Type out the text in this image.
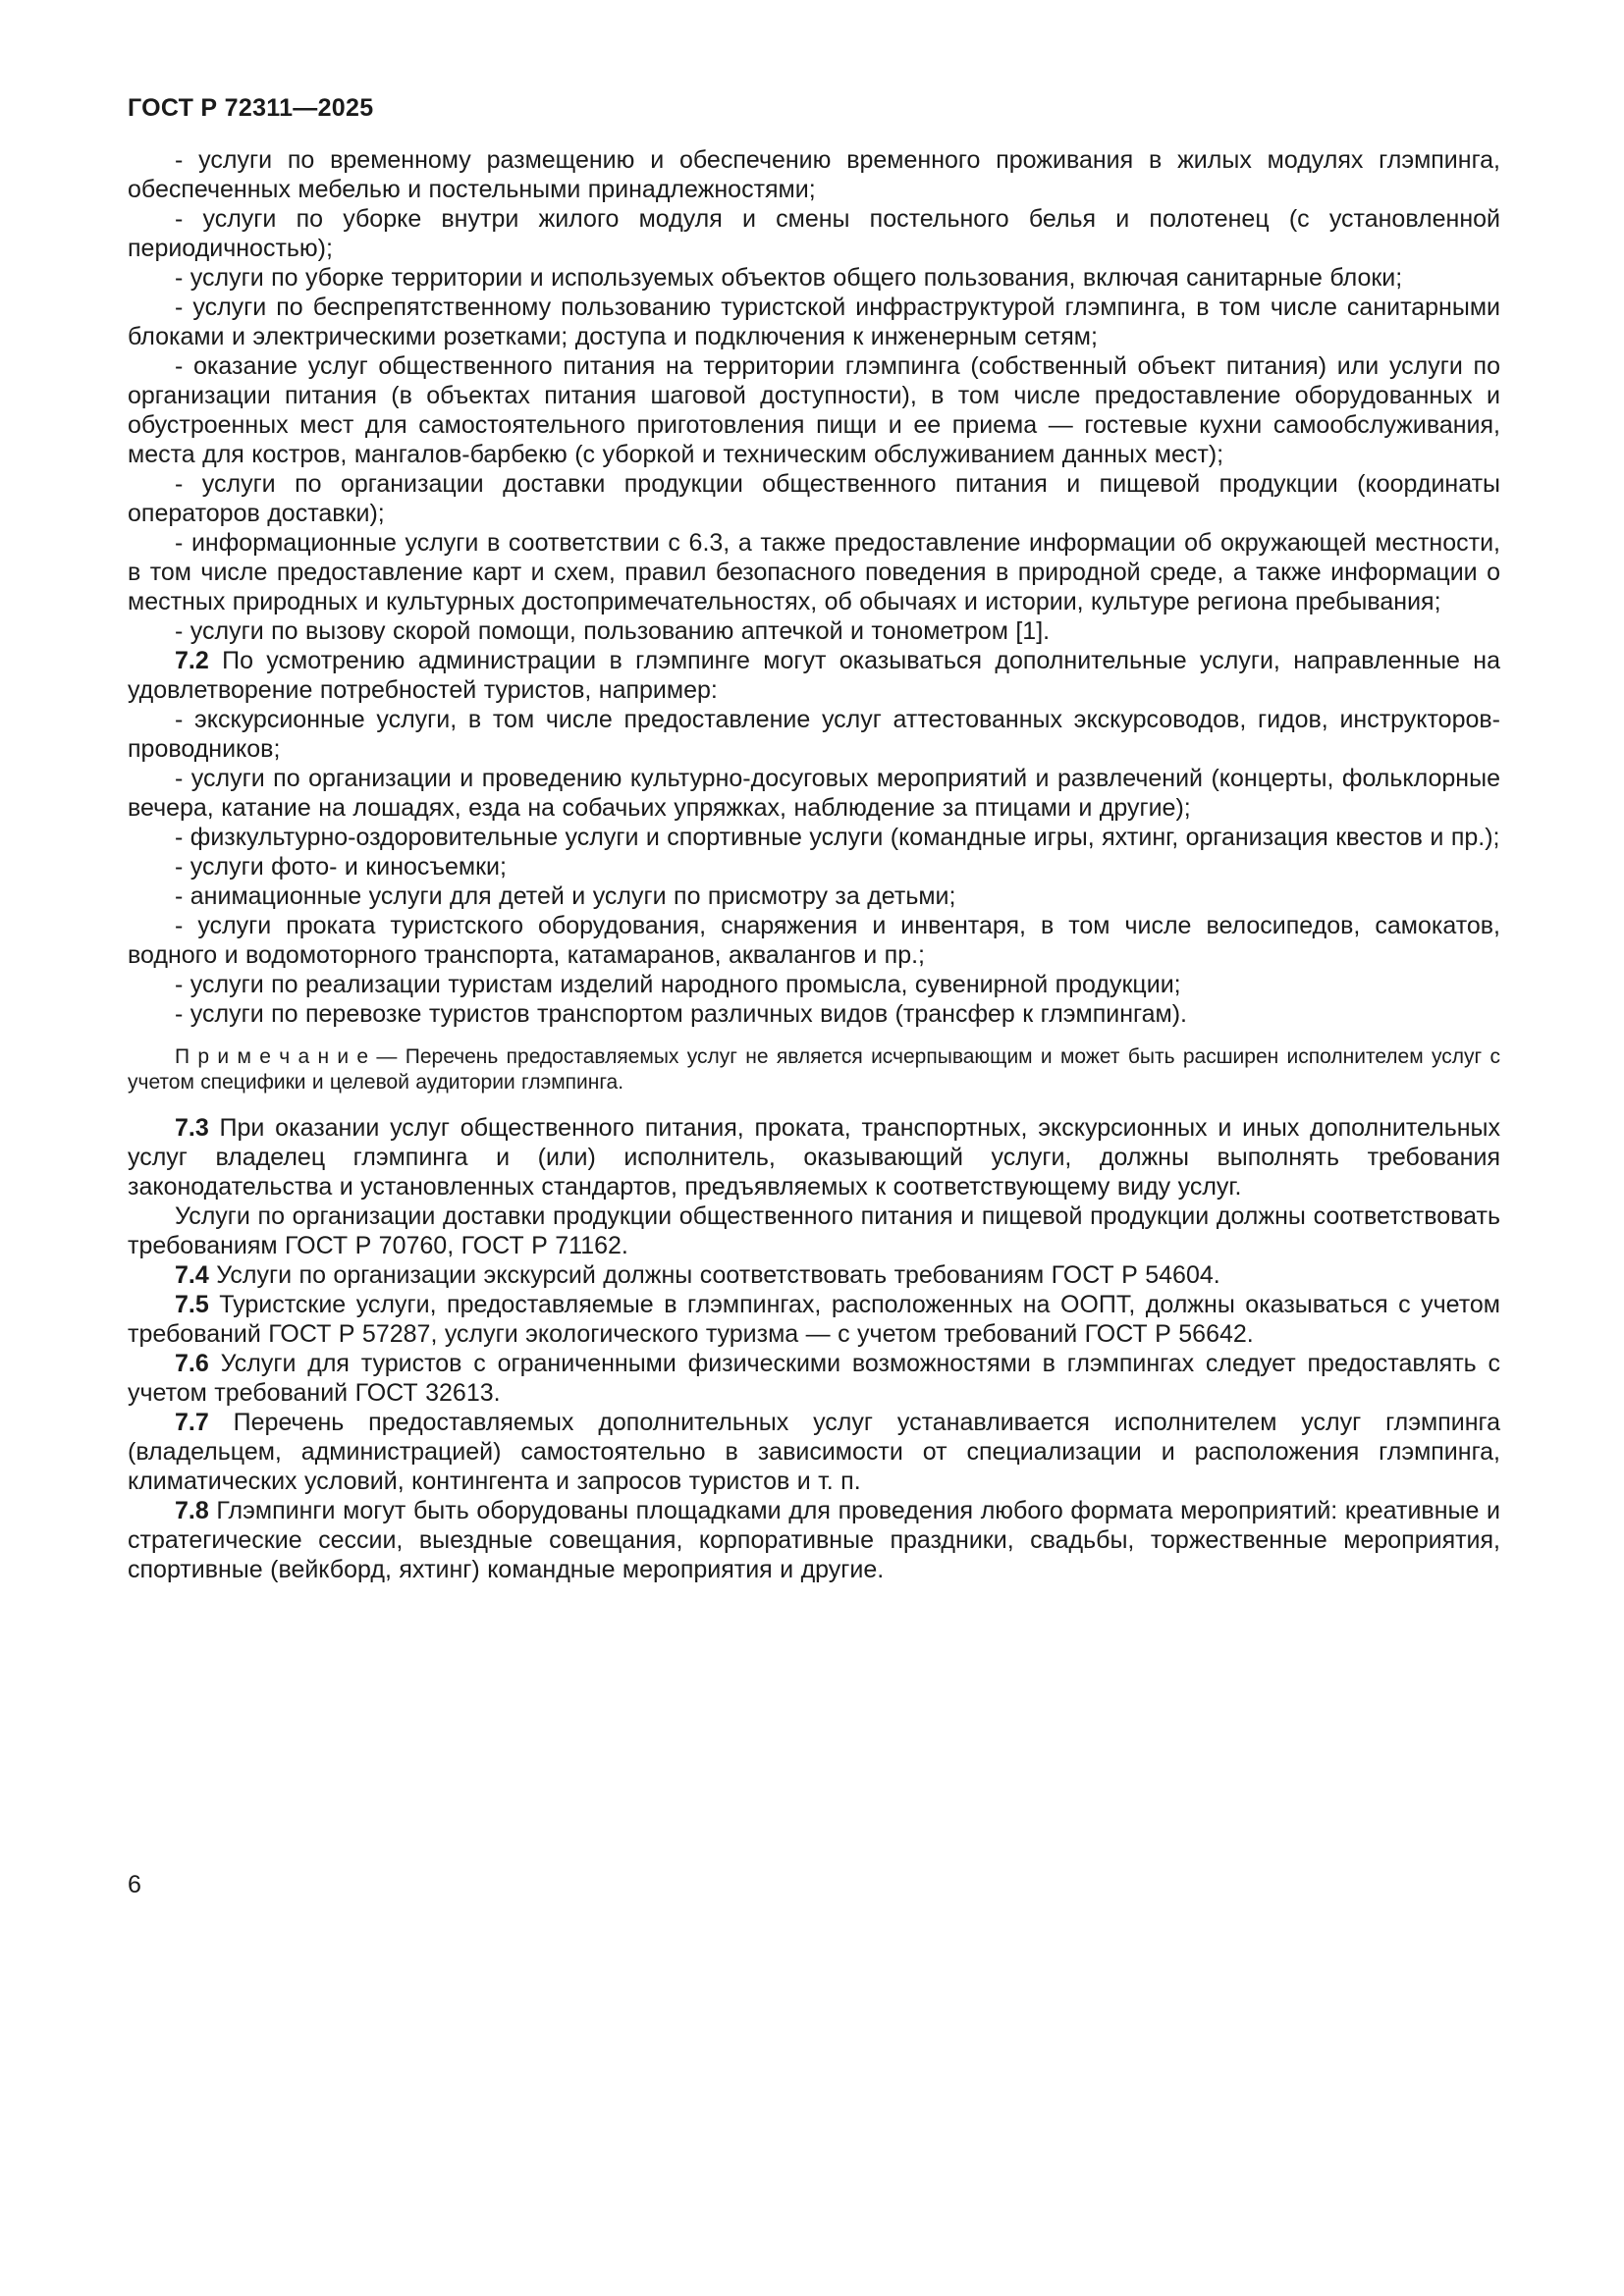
ГОСТ Р 72311—2025

- услуги по временному размещению и обеспечению временного проживания в жилых модулях глэмпинга, обеспеченных мебелью и постельными принадлежностями;

- услуги по уборке внутри жилого модуля и смены постельного белья и полотенец (с установленной периодичностью);

- услуги по уборке территории и используемых объектов общего пользования, включая санитарные блоки;

- услуги по беспрепятственному пользованию туристской инфраструктурой глэмпинга, в том числе санитарными блоками и электрическими розетками; доступа и подключения к инженерным сетям;

- оказание услуг общественного питания на территории глэмпинга (собственный объект питания) или услуги по организации питания (в объектах питания шаговой доступности), в том числе предоставление оборудованных и обустроенных мест для самостоятельного приготовления пищи и ее приема — гостевые кухни самообслуживания, места для костров, мангалов-барбекю (с уборкой и техническим обслуживанием данных мест);

- услуги по организации доставки продукции общественного питания и пищевой продукции (координаты операторов доставки);

- информационные услуги в соответствии с 6.3, а также предоставление информации об окружающей местности, в том числе предоставление карт и схем, правил безопасного поведения в природной среде, а также информации о местных природных и культурных достопримечательностях, об обычаях и истории, культуре региона пребывания;

- услуги по вызову скорой помощи, пользованию аптечкой и тонометром [1].

7.2 По усмотрению администрации в глэмпинге могут оказываться дополнительные услуги, направленные на удовлетворение потребностей туристов, например:

- экскурсионные услуги, в том числе предоставление услуг аттестованных экскурсоводов, гидов, инструкторов-проводников;

- услуги по организации и проведению культурно-досуговых мероприятий и развлечений (концерты, фольклорные вечера, катание на лошадях, езда на собачьих упряжках, наблюдение за птицами и другие);

- физкультурно-оздоровительные услуги и спортивные услуги (командные игры, яхтинг, организация квестов и пр.);

- услуги фото- и киносъемки;

- анимационные услуги для детей и услуги по присмотру за детьми;

- услуги проката туристского оборудования, снаряжения и инвентаря, в том числе велосипедов, самокатов, водного и водомоторного транспорта, катамаранов, аквалангов и пр.;

- услуги по реализации туристам изделий народного промысла, сувенирной продукции;

- услуги по перевозке туристов транспортом различных видов (трансфер к глэмпингам).

П р и м е ч а н и е — Перечень предоставляемых услуг не является исчерпывающим и может быть расширен исполнителем услуг с учетом специфики и целевой аудитории глэмпинга.

7.3 При оказании услуг общественного питания, проката, транспортных, экскурсионных и иных дополнительных услуг владелец глэмпинга и (или) исполнитель, оказывающий услуги, должны выполнять требования законодательства и установленных стандартов, предъявляемых к соответствующему виду услуг.

Услуги по организации доставки продукции общественного питания и пищевой продукции должны соответствовать требованиям ГОСТ Р 70760, ГОСТ Р 71162.

7.4 Услуги по организации экскурсий должны соответствовать требованиям ГОСТ Р 54604.

7.5 Туристские услуги, предоставляемые в глэмпингах, расположенных на ООПТ, должны оказываться с учетом требований ГОСТ Р 57287, услуги экологического туризма — с учетом требований ГОСТ Р 56642.

7.6 Услуги для туристов с ограниченными физическими возможностями в глэмпингах следует предоставлять с учетом требований ГОСТ 32613.

7.7 Перечень предоставляемых дополнительных услуг устанавливается исполнителем услуг глэмпинга (владельцем, администрацией) самостоятельно в зависимости от специализации и расположения глэмпинга, климатических условий, контингента и запросов туристов и т. п.

7.8 Глэмпинги могут быть оборудованы площадками для проведения любого формата мероприятий: креативные и стратегические сессии, выездные совещания, корпоративные праздники, свадьбы, торжественные мероприятия, спортивные (вейкборд, яхтинг) командные мероприятия и другие.

6
